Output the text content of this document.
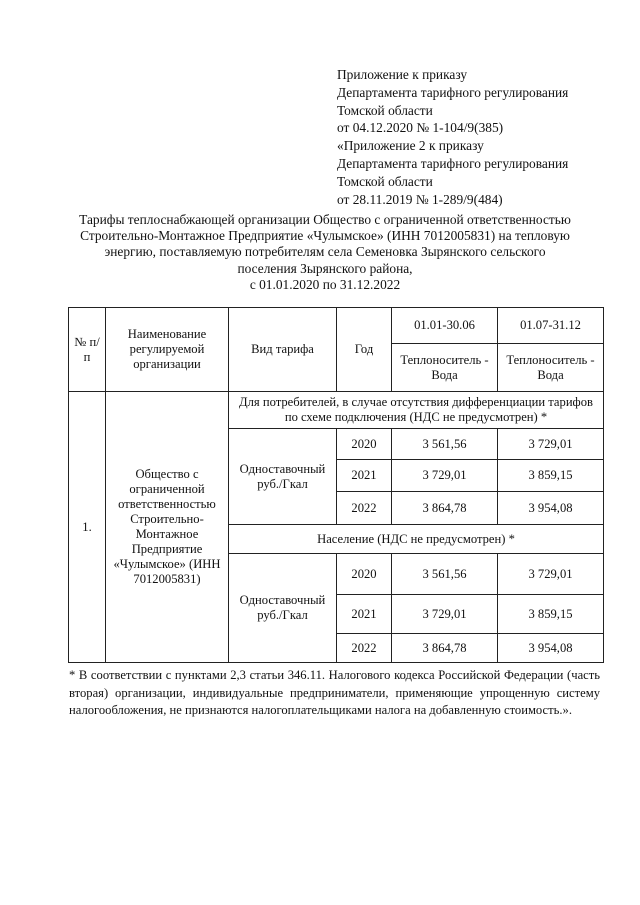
Приложение к приказу
Департамента тарифного регулирования
Томской области
от 04.12.2020 № 1-104/9(385)
«Приложение 2 к приказу
Департамента тарифного регулирования
Томской области
от 28.11.2019 № 1-289/9(484)
Тарифы теплоснабжающей организации Общество с ограниченной ответственностью
Строительно-Монтажное Предприятие «Чулымское» (ИНН 7012005831) на тепловую
энергию, поставляемую потребителям села Семеновка Зырянского сельского
поселения Зырянского района,
с 01.01.2020 по 31.12.2022
№ п/п	Наименование регулируемой организации	Вид тарифа	Год	01.01-30.06	01.07-31.12
				Теплоноситель - Вода	Теплоноситель - Вода
1.	Общество с ограниченной ответственностью Строительно-Монтажное Предприятие «Чулымское» (ИНН 7012005831)	Для потребителей, в случае отсутствия дифференциации тарифов по схеме подключения (НДС не предусмотрен) *			
		Одноставочный руб./Гкал	2020	3 561,56	3 729,01
			2021	3 729,01	3 859,15
			2022	3 864,78	3 954,08
		Население (НДС не предусмотрен) *			
		Одноставочный руб./Гкал	2020	3 561,56	3 729,01
			2021	3 729,01	3 859,15
			2022	3 864,78	3 954,08
* В соответствии с пунктами 2,3 статьи 346.11. Налогового кодекса Российской Федерации (часть вторая) организации, индивидуальные предприниматели, применяющие упрощенную систему налогообложения, не признаются налогоплательщиками налога на добавленную стоимость.».
